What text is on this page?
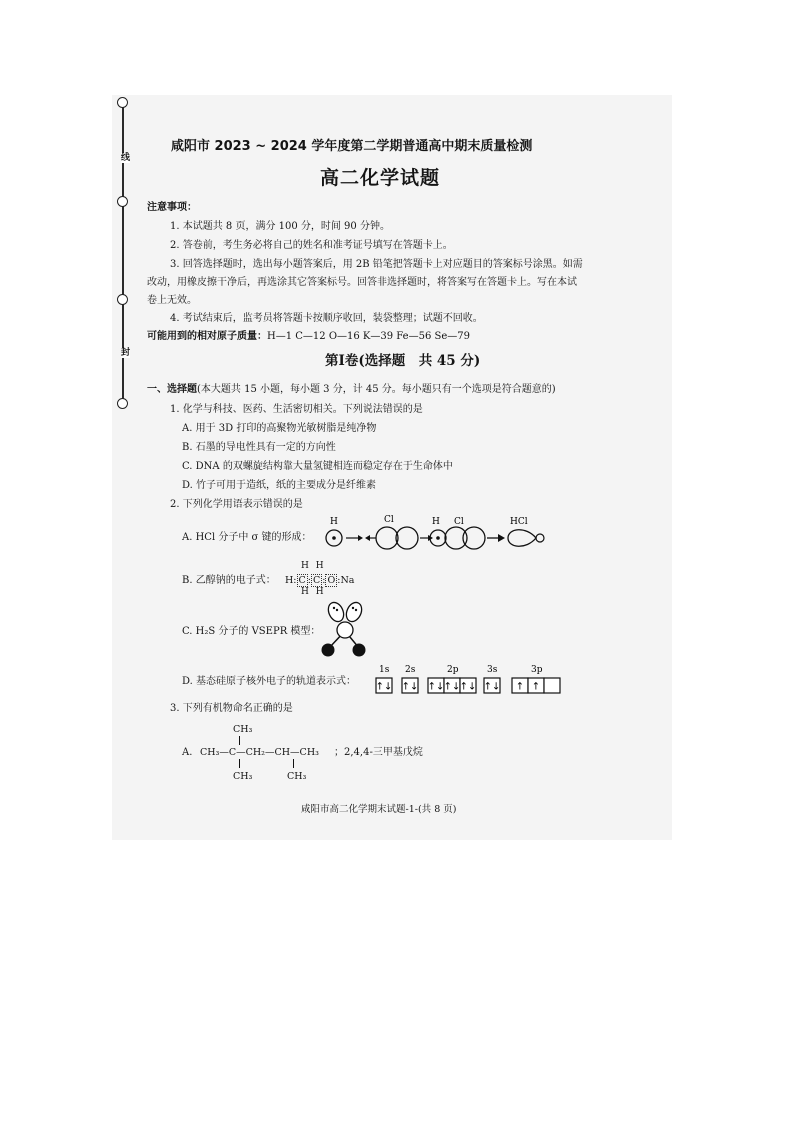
线
封
咸阳市 2023 ~ 2024 学年度第二学期普通高中期末质量检测
高二化学试题
注意事项：
1. 本试题共 8 页，满分 100 分，时间 90 分钟。
2. 答卷前，考生务必将自己的姓名和准考证号填写在答题卡上。
3. 回答选择题时，选出每小题答案后，用 2B 铅笔把答题卡上对应题目的答案标号涂黑。如需
改动，用橡皮擦干净后，再选涂其它答案标号。回答非选择题时，将答案写在答题卡上。写在本试
卷上无效。
4. 考试结束后，监考员将答题卡按顺序收回，装袋整理；试题不回收。
可能用到的相对原子质量：H—1 C—12 O—16 K—39 Fe—56 Se—79
第Ⅰ卷(选择题　共 45 分)
一、选择题(本大题共 15 小题，每小题 3 分，计 45 分。每小题只有一个选项是符合题意的)
1. 化学与科技、医药、生活密切相关。下列说法错误的是
A. 用于 3D 打印的高聚物光敏树脂是纯净物
B. 石墨的导电性具有一定的方向性
C. DNA 的双螺旋结构靠大量氢键相连而稳定存在于生命体中
D. 竹子可用于造纸，纸的主要成分是纤维素
2. 下列化学用语表示错误的是
A. HCl 分子中 σ 键的形成：
H	Cl	H Cl	HCl
B. 乙醇钠的电子式：
H H
H: C : C : O :Na
H H
C. H₂S 分子的 VSEPR 模型：
D. 基态硅原子核外电子的轨道表示式：
1s
↑↓
2s
↑↓
2p
↑↓ ↑↓ ↑↓
3s
↑↓
3p
↑ ↑
3. 下列有机物命名正确的是
CH₃
A. CH₃—C—CH₂—CH—CH₃ ；2,4,4-三甲基戊烷
CH₃	CH₃
咸阳市高二化学期末试题-1-(共 8 页)
